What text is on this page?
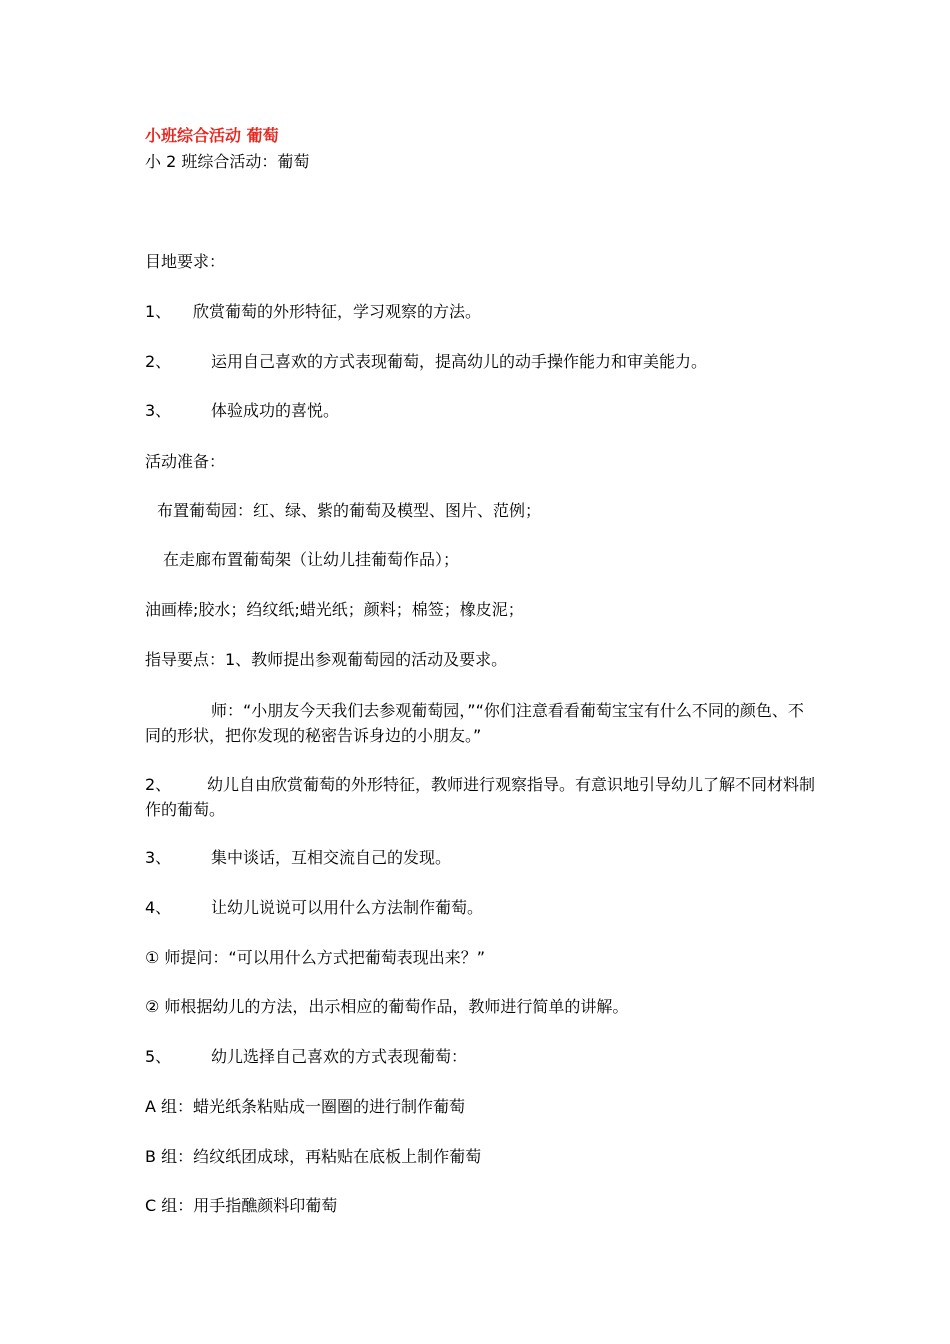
小班综合活动 葡萄
小 2 班综合活动：葡萄
目地要求：
1、 欣赏葡萄的外形特征，学习观察的方法。
2、 运用自己喜欢的方式表现葡萄，提高幼儿的动手操作能力和审美能力。
3、 体验成功的喜悦。
活动准备：
布置葡萄园：红、绿、紫的葡萄及模型、图片、范例；
在走廊布置葡萄架（让幼儿挂葡萄作品）；
油画棒;胶水；绉纹纸;蜡光纸；颜料；棉签；橡皮泥；
指导要点：1、教师提出参观葡萄园的活动及要求。
师：“小朋友今天我们去参观葡萄园，”“你们注意看看葡萄宝宝有什么不同的颜色、不同的形状，把你发现的秘密告诉身边的小朋友。”
2、 幼儿自由欣赏葡萄的外形特征，教师进行观察指导。有意识地引导幼儿了解不同材料制作的葡萄。
3、 集中谈话，互相交流自己的发现。
4、 让幼儿说说可以用什么方法制作葡萄。
① 师提问：“可以用什么方式把葡萄表现出来？”
② 师根据幼儿的方法，出示相应的葡萄作品，教师进行简单的讲解。
5、 幼儿选择自己喜欢的方式表现葡萄：
A 组：蜡光纸条粘贴成一圈圈的进行制作葡萄
B 组：绉纹纸团成球，再粘贴在底板上制作葡萄
C 组：用手指醮颜料印葡萄
